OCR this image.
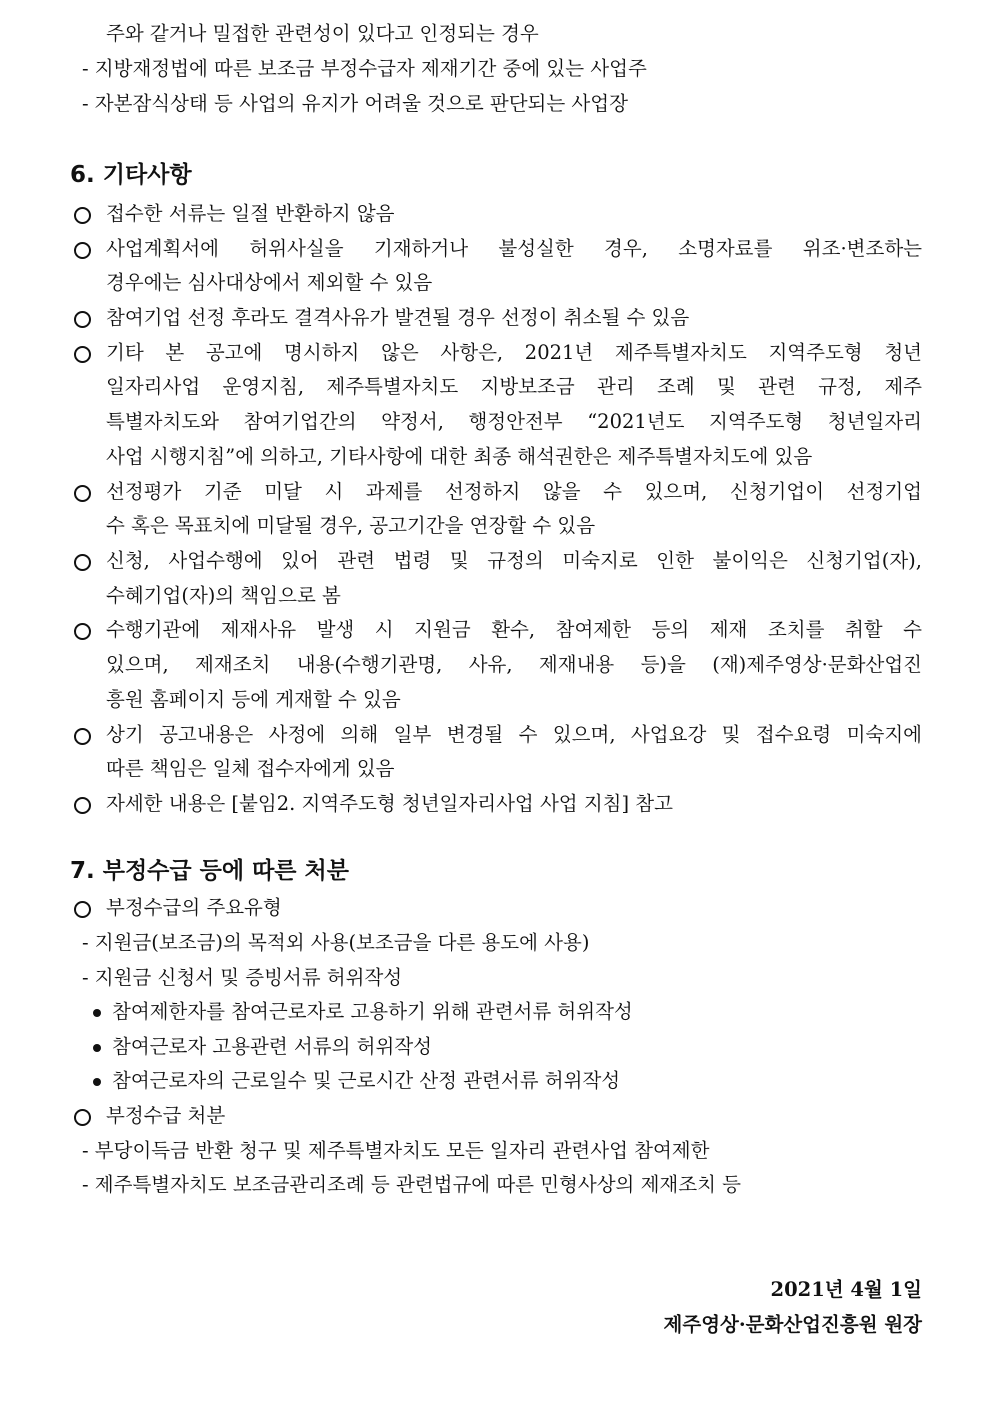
주와 같거나 밀접한 관련성이 있다고 인정되는 경우
- 지방재정법에 따른 보조금 부정수급자 제재기간 중에 있는 사업주
- 자본잠식상태 등 사업의 유지가 어려울 것으로 판단되는 사업장
6. 기타사항
접수한 서류는 일절 반환하지 않음
사업계획서에 허위사실을 기재하거나 불성실한 경우, 소명자료를 위조·변조하는
경우에는 심사대상에서 제외할 수 있음
참여기업 선정 후라도 결격사유가 발견될 경우 선정이 취소될 수 있음
기타 본 공고에 명시하지 않은 사항은, 2021년 제주특별자치도 지역주도형 청년
일자리사업 운영지침, 제주특별자치도 지방보조금 관리 조례 및 관련 규정, 제주
특별자치도와 참여기업간의 약정서, 행정안전부 “2021년도 지역주도형 청년일자리
사업 시행지침”에 의하고, 기타사항에 대한 최종 해석권한은 제주특별자치도에 있음
선정평가 기준 미달 시 과제를 선정하지 않을 수 있으며, 신청기업이 선정기업
수 혹은 목표치에 미달될 경우, 공고기간을 연장할 수 있음
신청, 사업수행에 있어 관련 법령 및 규정의 미숙지로 인한 불이익은 신청기업(자),
수혜기업(자)의 책임으로 봄
수행기관에 제재사유 발생 시 지원금 환수, 참여제한 등의 제재 조치를 취할 수
있으며, 제재조치 내용(수행기관명, 사유, 제재내용 등)을 (재)제주영상·문화산업진
흥원 홈페이지 등에 게재할 수 있음
상기 공고내용은 사정에 의해 일부 변경될 수 있으며, 사업요강 및 접수요령 미숙지에
따른 책임은 일체 접수자에게 있음
자세한 내용은 [붙임2. 지역주도형 청년일자리사업 사업 지침] 참고
7. 부정수급 등에 따른 처분
부정수급의 주요유형
- 지원금(보조금)의 목적외 사용(보조금을 다른 용도에 사용)
- 지원금 신청서 및 증빙서류 허위작성
참여제한자를 참여근로자로 고용하기 위해 관련서류 허위작성
참여근로자 고용관련 서류의 허위작성
참여근로자의 근로일수 및 근로시간 산정 관련서류 허위작성
부정수급 처분
- 부당이득금 반환 청구 및 제주특별자치도 모든 일자리 관련사업 참여제한
- 제주특별자치도 보조금관리조례 등 관련법규에 따른 민형사상의 제재조치 등
2021년 4월 1일
제주영상·문화산업진흥원 원장
